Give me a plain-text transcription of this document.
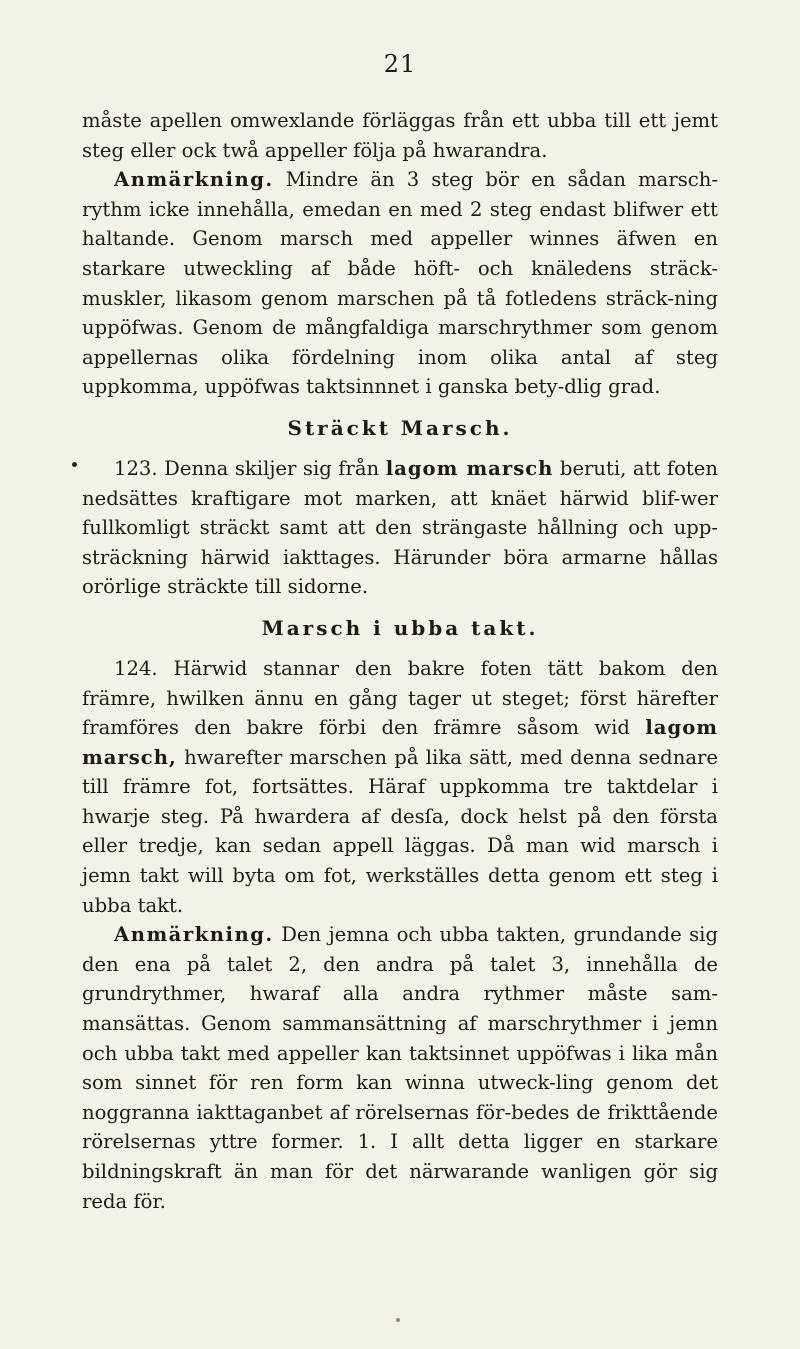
21

måste apellen omwexlande förläggas från ett ubba till ett jemt steg eller ock twå appeller följa på hwarandra.

Anmärkning. Mindre än 3 steg bör en sådan marsch-rythm icke innehålla, emedan en med 2 steg endast blifwer ett haltande. Genom marsch med appeller winnes äfwen en starkare utweckling af både höft- och knäledens sträck-muskler, likasom genom marschen på tå fotledens sträck-ning uppöfwas. Genom de mångfaldiga marschrythmer som genom appellernas olika fördelning inom olika antal af steg uppkomma, uppöfwas taktsinnnet i ganska bety-dlig grad.

Sträckt Marsch.

123. Denna skiljer sig från lagom marsch beruti, att foten nedsättes kraftigare mot marken, att knäet härwid blif-wer fullkomligt sträckt samt att den strängaste hållning och upp-sträckning härwid iakttages. Härunder böra armarne hållas orörlige sträckte till sidorne.

Marsch i ubba takt.

124. Härwid stannar den bakre foten tätt bakom den främre, hwilken ännu en gång tager ut steget; först härefter framföres den bakre förbi den främre såsom wid lagom marsch, hwarefter marschen på lika sätt, med denna sednare till främre fot, fortsättes. Häraf uppkomma tre taktdelar i hwarje steg. På hwardera af desſa, dock helst på den första eller tredje, kan sedan appell läggas. Då man wid marsch i jemn takt will byta om fot, werkställes detta genom ett steg i ubba takt.

Anmärkning. Den jemna och ubba takten, grundande sig den ena på talet 2, den andra på talet 3, innehålla de grundrythmer, hwaraf alla andra rythmer måste sam-mansättas. Genom sammansättning af marschrythmer i jemn och ubba takt med appeller kan taktsinnet uppöfwas i lika mån som sinnet för ren form kan winna utweck-ling genom det noggranna iakttaganbet af rörelsernas för-bedes de frikttående rörelsernas yttre former. 1. I allt detta ligger en starkare bildningskraft än man för det närwarande wanligen gör sig reda för.
